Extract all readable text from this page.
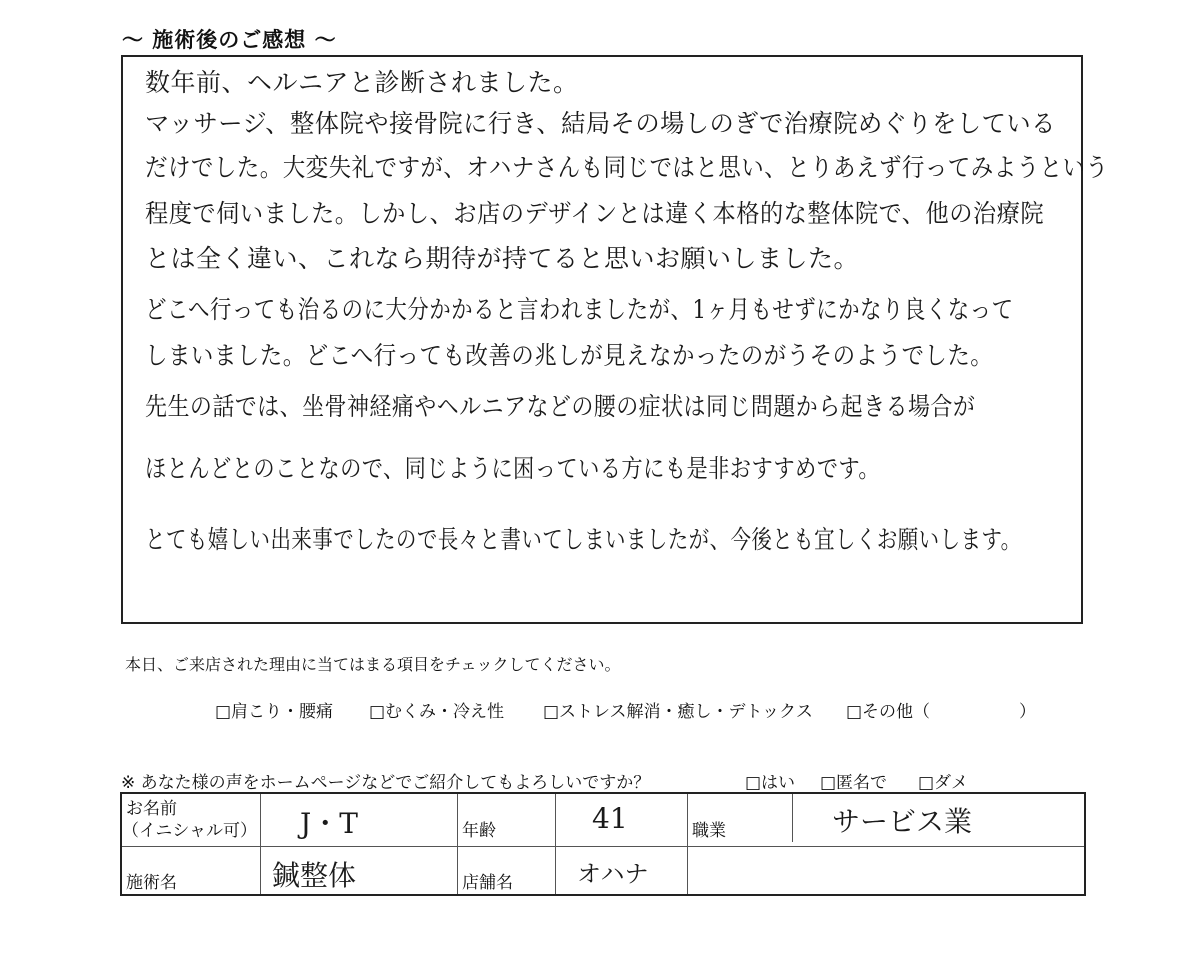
～ 施術後のご感想 ～
数年前、ヘルニアと診断されました。
マッサージ、整体院や接骨院に行き、結局その場しのぎで治療院めぐりをしている
だけでした。大変失礼ですが、オハナさんも同じではと思い、とりあえず行ってみようという
程度で伺いました。しかし、お店のデザインとは違く本格的な整体院で、他の治療院
とは全く違い、これなら期待が持てると思いお願いしました。
どこへ行っても治るのに大分かかると言われましたが、1ヶ月もせずにかなり良くなって
しまいました。どこへ行っても改善の兆しが見えなかったのがうそのようでした。
先生の話では、坐骨神経痛やヘルニアなどの腰の症状は同じ問題から起きる場合が
ほとんどとのことなので、同じように困っている方にも是非おすすめです。
とても嬉しい出来事でしたので長々と書いてしまいましたが、今後とも宜しくお願いします。
本日、ご来店された理由に当てはまる項目をチェックしてください。
□肩こり・腰痛 □むくみ・冷え性 □ストレス解消・癒し・デトックス □その他（	）
※ あなた様の声をホームページなどでご紹介してもよろしいですか？	□はい □匿名で □ダメ
お名前
（イニシャル可） J・T	年齢	41	職業	サービス業
施術名	鍼整体	店舗名	オハナ
